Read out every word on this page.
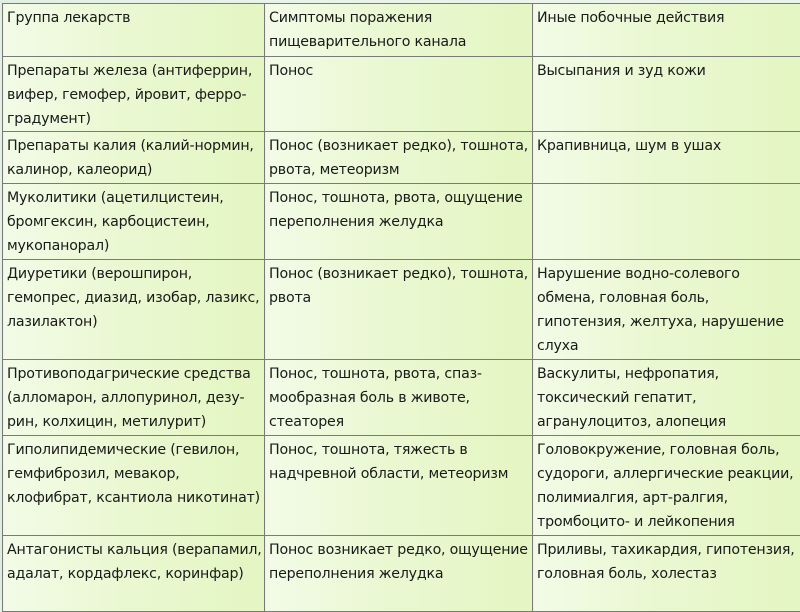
Группа лекарств	Симптомы поражения пищеварительного канала	Иные побочные действия
Препараты железа (антиферрин, вифер, гемофер, йровит, ферро-градумент)	Понос	Высыпания и зуд кожи
Препараты калия (калий-нормин, калинор, калеорид)	Понос (возникает редко), тошнота, рвота, метеоризм	Крапивница, шум в ушах
Муколитики (ацетилцистеин, бромгексин, карбоцистеин, мукопанорал)	Понос, тошнота, рвота, ощущение переполнения желудка	
Диуретики (верошпирон, гемопрес, диазид, изобар, лазикс, лазилактон)	Понос (возникает редко), тошнота, рвота	Нарушение водно-солевого обмена, головная боль, гипотензия, желтуха, нарушение слуха
Противоподагрические средства (алломарон, аллопуринол, дезу-рин, колхицин, метилурит)	Понос, тошнота, рвота, спаз-мообразная боль в животе, стеаторея	Васкулиты, нефропатия, токсический гепатит, агранулоцитоз, алопеция
Гиполипидемические (гевилон, гемфиброзил, мевакор, клофибрат, ксантиола никотинат)	Понос, тошнота, тяжесть в надчревной области, метеоризм	Головокружение, головная боль, судороги, аллергические реакции, полимиалгия, арт-ралгия, тромбоцито- и лейкопения
Антагонисты кальция (верапамил, адалат, кордафлекс, коринфар)	Понос возникает редко, ощущение переполнения желудка	Приливы, тахикардия, гипотензия, головная боль, холестаз
